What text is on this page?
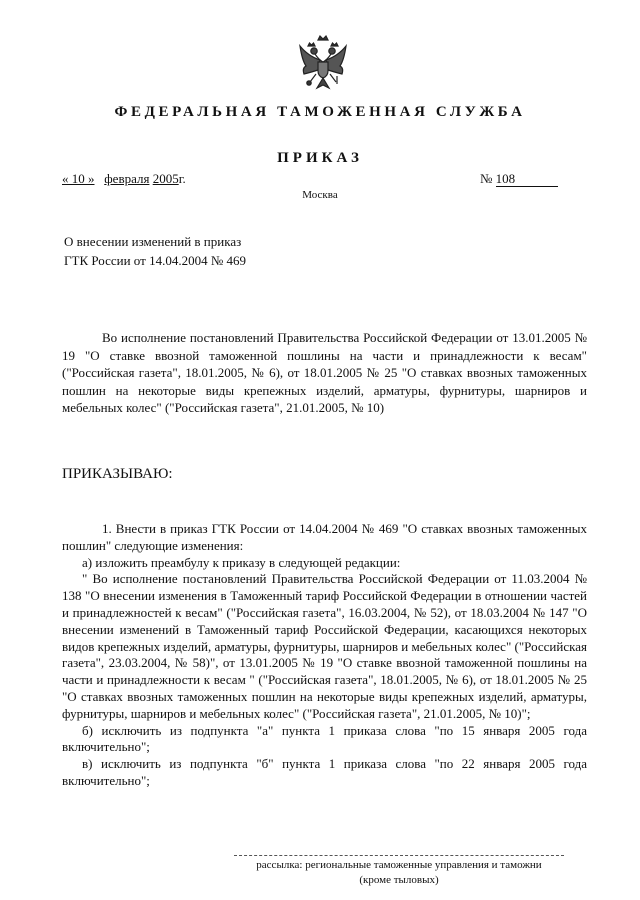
ФЕДЕРАЛЬНАЯ ТАМОЖЕННАЯ СЛУЖБА
ПРИКАЗ
« 10 » февраля 2005г.	№ 108
Москва
О внесении изменений в приказ
ГТК России от 14.04.2004 № 469
Во исполнение постановлений Правительства Российской Федерации от 13.01.2005 № 19 "О ставке ввозной таможенной пошлины на части и принадлежности к весам" ("Российская газета", 18.01.2005, № 6), от 18.01.2005 № 25 "О ставках ввозных таможенных пошлин на некоторые виды крепежных изделий, арматуры, фурнитуры, шарниров и мебельных колес" ("Российская газета", 21.01.2005, № 10)
ПРИКАЗЫВАЮ:

1. Внести в приказ ГТК России от 14.04.2004 № 469 "О ставках ввозных таможенных пошлин" следующие изменения:

а) изложить преамбулу к приказу в следующей редакции:

" Во исполнение постановлений Правительства Российской Федерации от 11.03.2004 № 138 "О внесении изменения в Таможенный тариф Российской Федерации в отношении частей и принадлежностей к весам" ("Российская газета", 16.03.2004, № 52), от 18.03.2004 № 147 "О внесении изменений в Таможенный тариф Российской Федерации, касающихся некоторых видов крепежных изделий, арматуры, фурнитуры, шарниров и мебельных колес" ("Российская газета", 23.03.2004, № 58)", от 13.01.2005 № 19 "О ставке ввозной таможенной пошлины на части и принадлежности к весам " ("Российская газета", 18.01.2005, № 6), от 18.01.2005 № 25 "О ставках ввозных таможенных пошлин на некоторые виды крепежных изделий, арматуры, фурнитуры, шарниров и мебельных колес" ("Российская газета", 21.01.2005, № 10)";

б) исключить из подпункта "а" пункта 1 приказа слова "по 15 января 2005 года включительно";

в) исключить из подпункта "б" пункта 1 приказа слова "по 22 января 2005 года включительно";

рассылка: региональные таможенные управления и таможни
(кроме тыловых)
